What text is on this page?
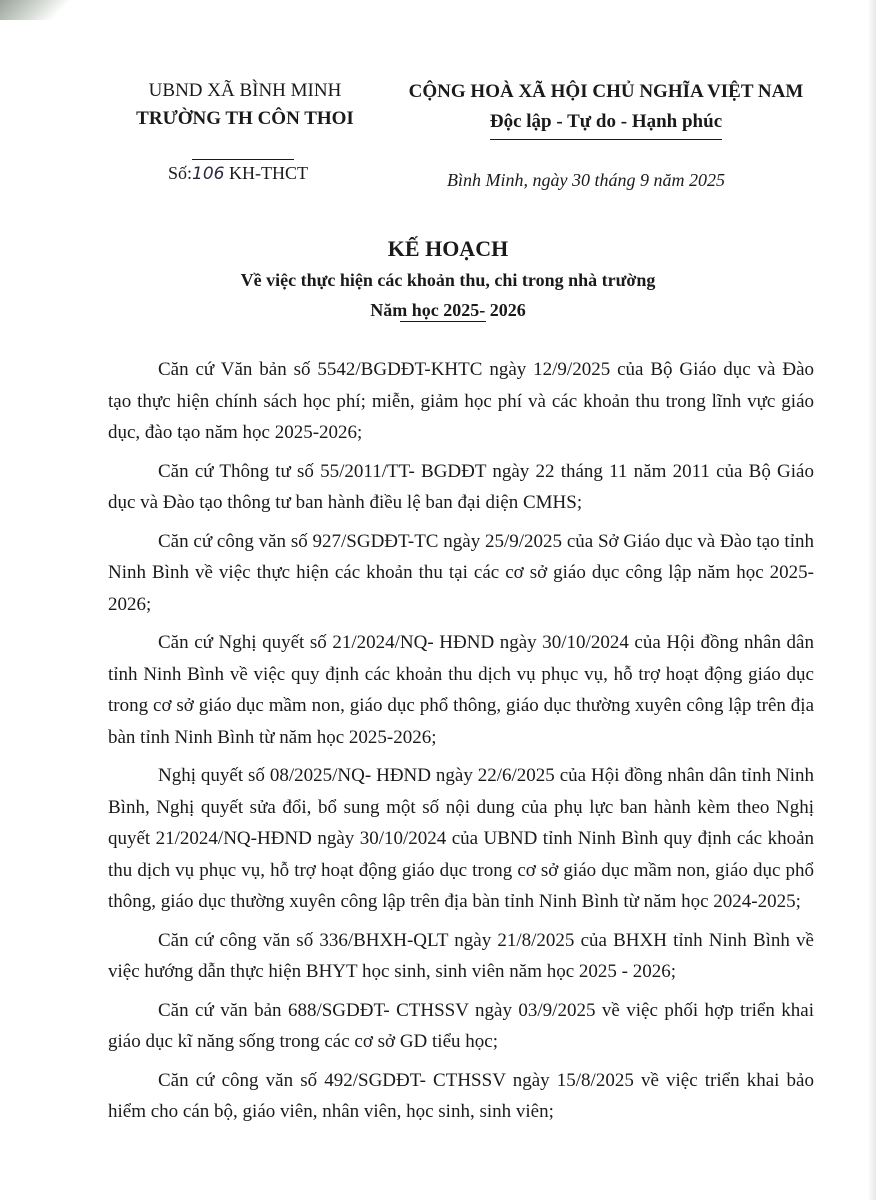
UBND XÃ BÌNH MINH
TRƯỜNG TH CÔN THOI
Số:106 KH-THCT
CỘNG HOÀ XÃ HỘI CHỦ NGHĨA VIỆT NAM
Độc lập - Tự do - Hạnh phúc
Bình Minh, ngày 30 tháng 9 năm 2025
KẾ HOẠCH
Về việc thực hiện các khoản thu, chi trong nhà trường
Năm học 2025- 2026

Căn cứ Văn bản số 5542/BGDĐT-KHTC ngày 12/9/2025 của Bộ Giáo dục và Đào tạo thực hiện chính sách học phí; miễn, giảm học phí và các khoản thu trong lĩnh vực giáo dục, đào tạo năm học 2025-2026;

Căn cứ Thông tư số 55/2011/TT- BGDĐT ngày 22 tháng 11 năm 2011 của Bộ Giáo dục và Đào tạo thông tư ban hành điều lệ ban đại diện CMHS;

Căn cứ công văn số 927/SGDĐT-TC ngày 25/9/2025 của Sở Giáo dục và Đào tạo tỉnh Ninh Bình về việc thực hiện các khoản thu tại các cơ sở giáo dục công lập năm học 2025-2026;

Căn cứ Nghị quyết số 21/2024/NQ- HĐND ngày 30/10/2024 của Hội đồng nhân dân tỉnh Ninh Bình về việc quy định các khoản thu dịch vụ phục vụ, hỗ trợ hoạt động giáo dục trong cơ sở giáo dục mầm non, giáo dục phổ thông, giáo dục thường xuyên công lập trên địa bàn tỉnh Ninh Bình từ năm học 2025-2026;

Nghị quyết số 08/2025/NQ- HĐND ngày 22/6/2025 của Hội đồng nhân dân tỉnh Ninh Bình, Nghị quyết sửa đổi, bổ sung một số nội dung của phụ lực ban hành kèm theo Nghị quyết 21/2024/NQ-HĐND ngày 30/10/2024 của UBND tỉnh Ninh Bình quy định các khoản thu dịch vụ phục vụ, hỗ trợ hoạt động giáo dục trong cơ sở giáo dục mầm non, giáo dục phổ thông, giáo dục thường xuyên công lập trên địa bàn tỉnh Ninh Bình từ năm học 2024-2025;

Căn cứ công văn số 336/BHXH-QLT ngày 21/8/2025 của BHXH tỉnh Ninh Bình về việc hướng dẫn thực hiện BHYT học sinh, sinh viên năm học 2025 - 2026;

Căn cứ văn bản 688/SGDĐT- CTHSSV ngày 03/9/2025 về việc phối hợp triển khai giáo dục kĩ năng sống trong các cơ sở GD tiểu học;

Căn cứ công văn số 492/SGDĐT- CTHSSV ngày 15/8/2025 về việc triển khai bảo hiểm cho cán bộ, giáo viên, nhân viên, học sinh, sinh viên;
